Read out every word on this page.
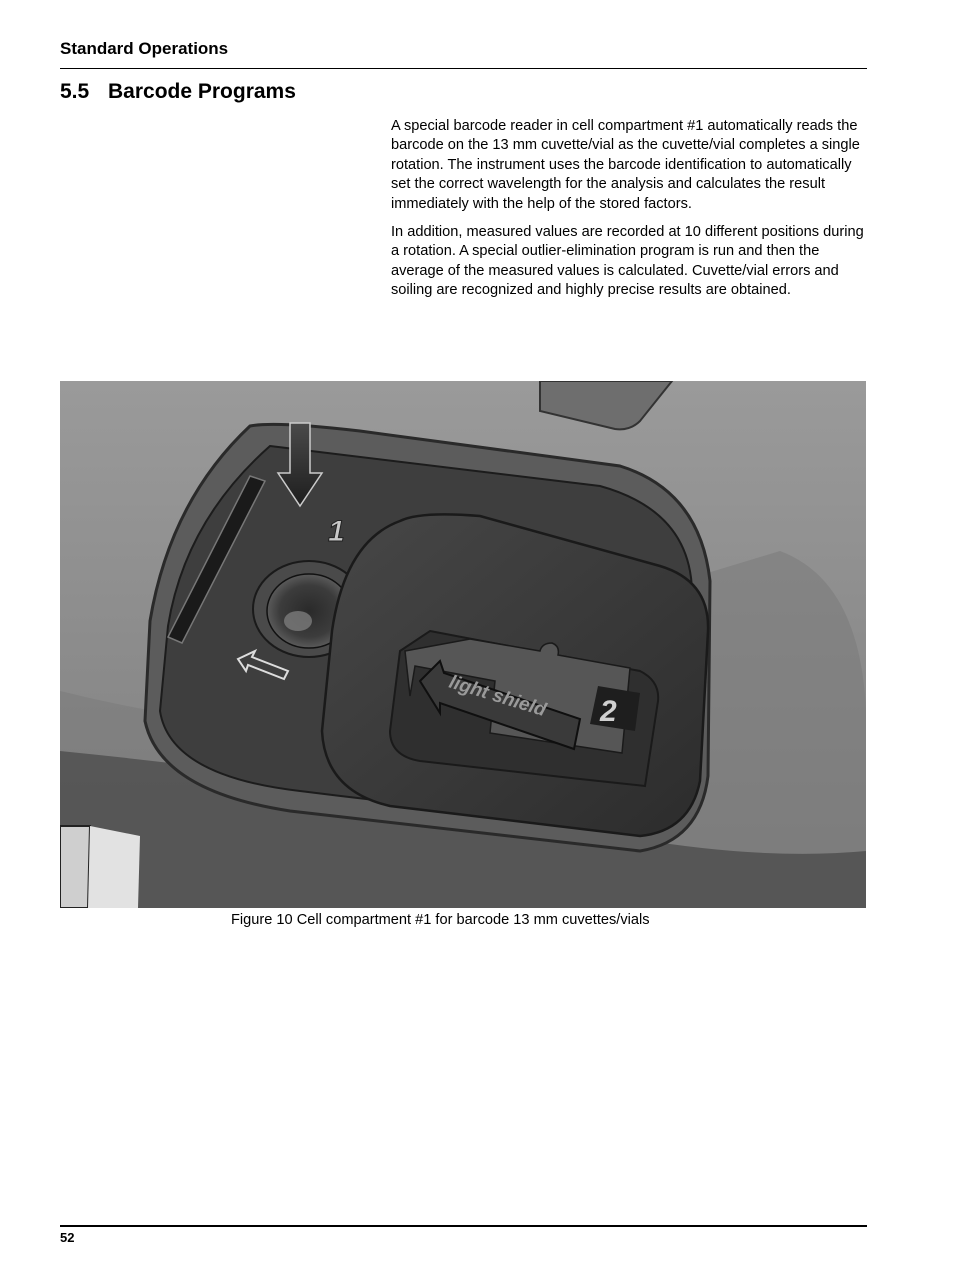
Standard Operations
5.5 Barcode Programs

A special barcode reader in cell compartment #1 automatically reads the barcode on the 13 mm cuvette/vial as the cuvette/vial completes a single rotation. The instrument uses the barcode identification to automatically set the correct wavelength for the analysis and calculates the result immediately with the help of the stored factors.

In addition, measured values are recorded at 10 different positions during a rotation. A special outlier-elimination program is run and then the average of the measured values is calculated. Cuvette/vial errors and soiling are recognized and highly precise results are obtained.

1
light shield 2
Figure 10 Cell compartment #1 for barcode 13 mm cuvettes/vials
52
